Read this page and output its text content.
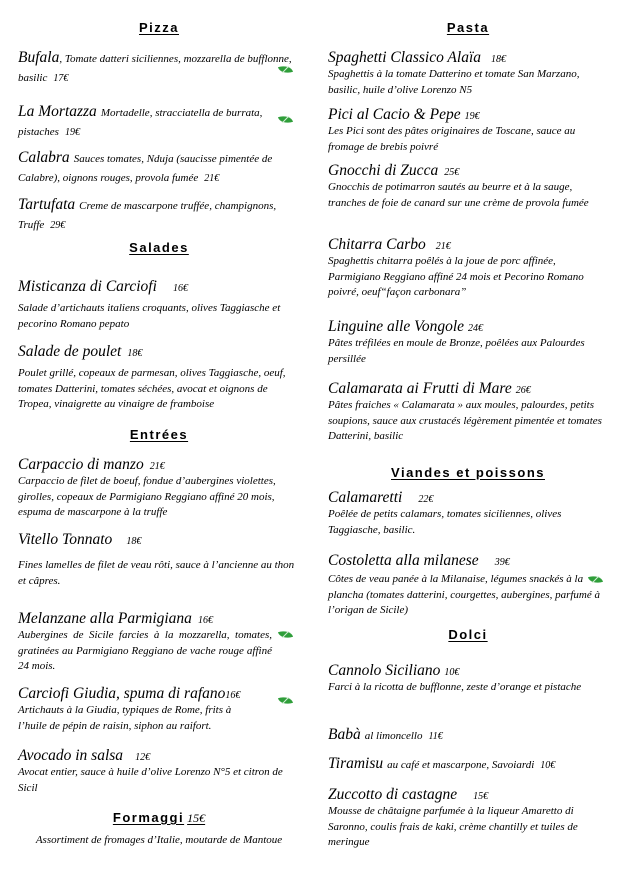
Pizza
Bufala, Tomate datteri siciliennes, mozzarella de bufflonne, basilic 17€
La Mortazza Mortadelle, stracciatella de burrata, pistaches 19€
Calabra Sauces tomates, Nduja (saucisse pimentée de Calabre), oignons rouges, provola fumée 21€
Tartufata Creme de mascarpone truffée, champignons, Truffe 29€
Salades
Misticanza di Carciofi 16€
Salade d’artichauts italiens croquants, olives Taggiasche et pecorino Romano pepato
Salade de poulet 18€
Poulet grillé, copeaux de parmesan, olives Taggiasche, oeuf, tomates Datterini, tomates séchées, avocat et oignons de Tropea, vinaigrette au vinaigre de framboise
Entrées
Carpaccio di manzo 21€
Carpaccio de filet de boeuf, fondue d’aubergines violettes, girolles, copeaux de Parmigiano Reggiano affiné 20 mois, espuma de mascarpone à la truffe
Vitello Tonnato 18€
Fines lamelles de filet de veau rôti, sauce à l’ancienne au thon et câpres.
Melanzane alla Parmigiana 16€
Aubergines de Sicile farcies à la mozzarella, tomates, gratinées au Parmigiano Reggiano de vache rouge affiné 24 mois.
Carciofi Giudia, spuma di rafano16€
Artichauts à la Giudia, typiques de Rome, frits à l’huile de pépin de raisin, siphon au raifort.
Avocado in salsa 12€
Avocat entier, sauce à huile d’olive Lorenzo N°5 et citron de Sicil
Formaggi 15€
Assortiment de fromages d’Italie, moutarde de Mantoue
Pasta
Spaghetti Classico Alaïa 18€
Spaghettis à la tomate Datterino et tomate San Marzano, basilic, huile d’olive Lorenzo N5
Pici al Cacio & Pepe 19€
Les Pici sont des pâtes originaires de Toscane, sauce au fromage de brebis poivré
Gnocchi di Zucca 25€
Gnocchis de potimarron sautés au beurre et à la sauge, tranches de foie de canard sur une crème de provola fumée
Chitarra Carbo 21€
Spaghettis chitarra poêlés à la joue de porc affinée, Parmigiano Reggiano affiné 24 mois et Pecorino Romano poivré, oeuf“façon carbonara”
Linguine alle Vongole 24€
Pâtes tréfilées en moule de Bronze, poêlées aux Palourdes persillée
Calamarata ai Frutti di Mare 26€
Pâtes fraiches « Calamarata » aux moules, palourdes, petits soupions, sauce aux crustacés légèrement pimentée et tomates Datterini, basilic
Viandes et poissons
Calamaretti 22€
Poêlée de petits calamars, tomates siciliennes, olives Taggiasche, basilic.
Costoletta alla milanese 39€
Côtes de veau panée à la Milanaise, légumes snackés à la plancha (tomates datterini, courgettes, aubergines, parfumé à l’origan de Sicile)
Dolci
Cannolo Siciliano 10€
Farci à la ricotta de bufflonne, zeste d’orange et pistache
Babà al limoncello 11€
Tiramisu au café et mascarpone, Savoiardi 10€
Zuccotto di castagne 15€
Mousse de châtaigne parfumée à la liqueur Amaretto di Saronno, coulis frais de kaki, crème chantilly et tuiles de meringue
